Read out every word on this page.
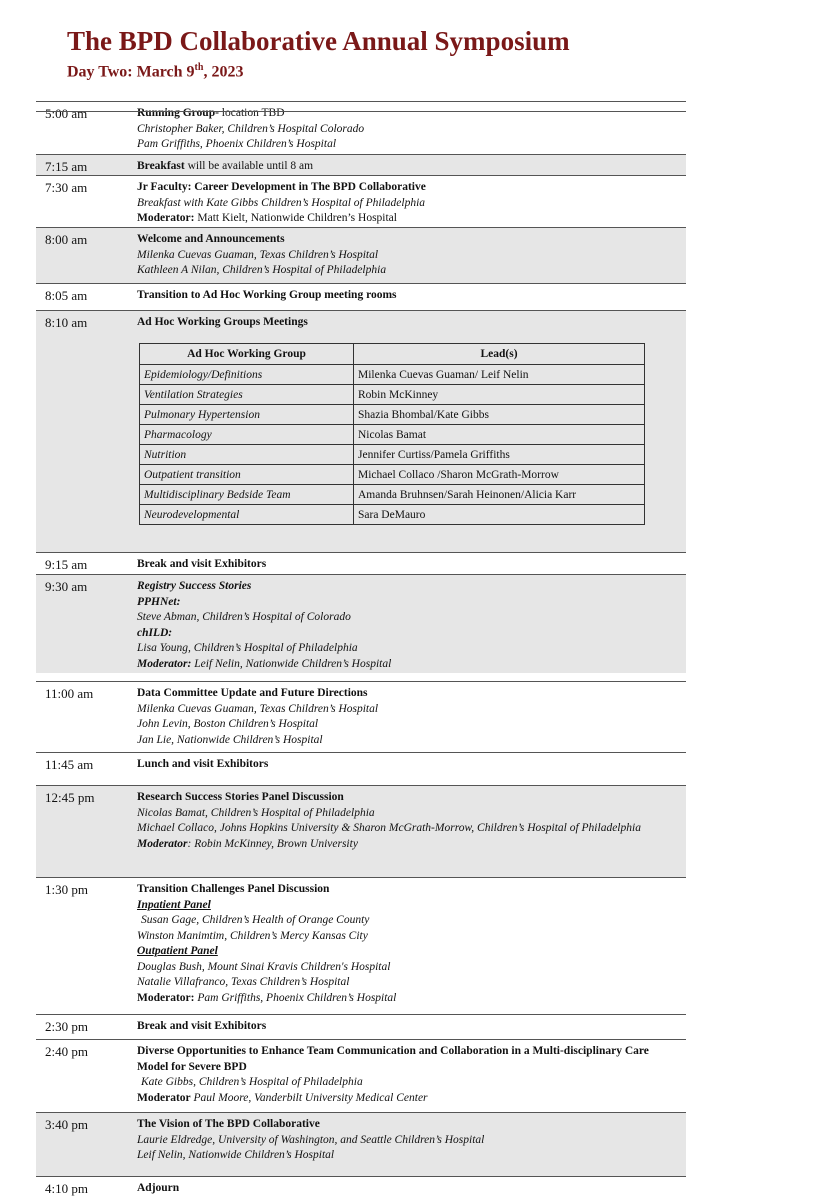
The BPD Collaborative Annual Symposium
Day Two: March 9th, 2023
5:00 am	Running Group- location TBD
Christopher Baker, Children’s Hospital Colorado
Pam Griffiths, Phoenix Children’s Hospital
7:15 am	Breakfast will be available until 8 am
7:30 am	Jr Faculty: Career Development in The BPD Collaborative
Breakfast with Kate Gibbs Children’s Hospital of Philadelphia
Moderator: Matt Kielt, Nationwide Children’s Hospital
8:00 am	Welcome and Announcements
Milenka Cuevas Guaman, Texas Children’s Hospital
Kathleen A Nilan, Children’s Hospital of Philadelphia
8:05 am	Transition to Ad Hoc Working Group meeting rooms
8:10 am	Ad Hoc Working Groups Meetings
9:15 am	Break and visit Exhibitors
9:30 am	Registry Success Stories
PPHNet:
Steve Abman, Children’s Hospital of Colorado
chILD:
Lisa Young, Children’s Hospital of Philadelphia
Moderator: Leif Nelin, Nationwide Children’s Hospital
11:00 am	Data Committee Update and Future Directions
Milenka Cuevas Guaman, Texas Children’s Hospital
John Levin, Boston Children’s Hospital
Jan Lie, Nationwide Children’s Hospital
11:45 am	Lunch and visit Exhibitors
12:45 pm	Research Success Stories Panel Discussion
Nicolas Bamat, Children’s Hospital of Philadelphia
Michael Collaco, Johns Hopkins University & Sharon McGrath-Morrow, Children’s Hospital of Philadelphia
Moderator: Robin McKinney, Brown University
1:30 pm	Transition Challenges Panel Discussion
Inpatient Panel
Susan Gage, Children’s Health of Orange County
Winston Manimtim, Children’s Mercy Kansas City
Outpatient Panel
Douglas Bush, Mount Sinai Kravis Children's Hospital
Natalie Villafranco, Texas Children’s Hospital
Moderator: Pam Griffiths, Phoenix Children’s Hospital
2:30 pm	Break and visit Exhibitors
2:40 pm	Diverse Opportunities to Enhance Team Communication and Collaboration in a Multi-disciplinary Care Model for Severe BPD
Kate Gibbs, Children’s Hospital of Philadelphia
Moderator Paul Moore, Vanderbilt University Medical Center
3:40 pm	The Vision of The BPD Collaborative
Laurie Eldredge, University of Washington, and Seattle Children’s Hospital
Leif Nelin, Nationwide Children’s Hospital
4:10 pm	Adjourn
Ad Hoc Working Group	Lead(s)
Epidemiology/Definitions	Milenka Cuevas Guaman/ Leif Nelin
Ventilation Strategies	Robin McKinney
Pulmonary Hypertension	Shazia Bhombal/Kate Gibbs
Pharmacology	Nicolas Bamat
Nutrition	Jennifer Curtiss/Pamela Griffiths
Outpatient transition	Michael Collaco /Sharon McGrath-Morrow
Multidisciplinary Bedside Team	Amanda Bruhnsen/Sarah Heinonen/Alicia Karr
Neurodevelopmental	Sara DeMauro
